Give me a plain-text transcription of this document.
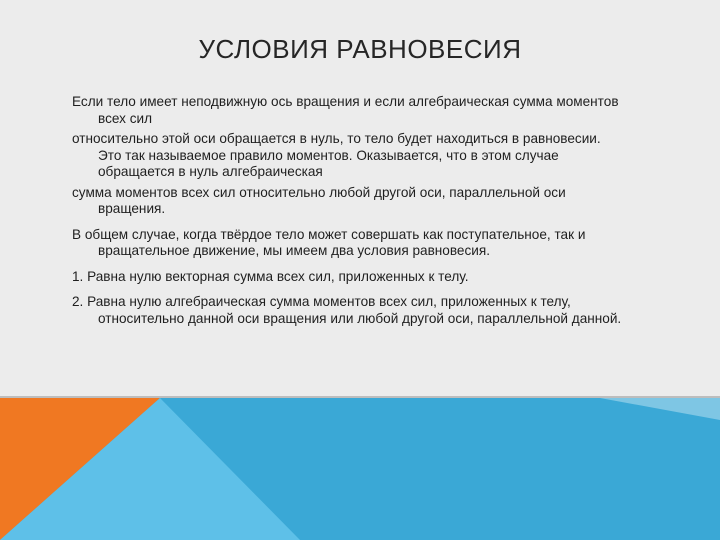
УСЛОВИЯ РАВНОВЕСИЯ

Если тело имеет неподвижную ось вращения и если алгебраическая сумма моментов всех сил

относительно этой оси обращается в нуль, то тело будет находиться в равновесии. Это так называемое правило моментов. Оказывается, что в этом случае обращается в нуль алгебраическая

сумма моментов всех сил относительно любой другой оси, параллельной оси вращения.

В общем случае, когда твёрдое тело может совершать как поступательное, так и вращательное движение, мы имеем два условия равновесия.

1. Равна нулю векторная сумма всех сил, приложенных к телу.

2. Равна нулю алгебраическая сумма моментов всех сил, приложенных к телу, относительно данной оси вращения или любой другой оси, параллельной данной.
